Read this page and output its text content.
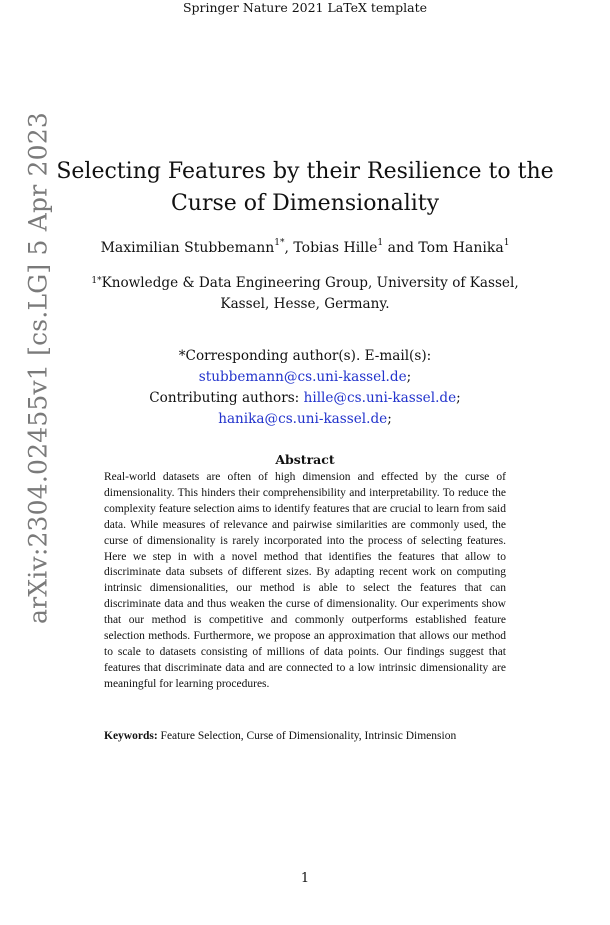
Springer Nature 2021 LaTeX template
arXiv:2304.02455v1 [cs.LG] 5 Apr 2023 Selecting Features by their Resilience to the
Curse of Dimensionality
Maximilian Stubbemann$^{1*}$, Tobias Hille$^1$ and Tom Hanika$^1$
$^{1*}$Knowledge & Data Engineering Group, University of Kassel,
Kassel, Hesse, Germany.
*Corresponding author(s). E-mail(s):
stubbemann@cs.uni-kassel.de;
Contributing authors: hille@cs.uni-kassel.de;
hanika@cs.uni-kassel.de;
Abstract
Real-world datasets are often of high dimension and effected by the curse of dimensionality. This hinders their comprehensibility and interpretability. To reduce the complexity feature selection aims to identify features that are crucial to learn from said data. While measures of relevance and pairwise similarities are commonly used, the curse of dimensionality is rarely incorporated into the process of selecting features. Here we step in with a novel method that identifies the features that allow to discriminate data subsets of different sizes. By adapting recent work on computing intrinsic dimensionalities, our method is able to select the features that can discriminate data and thus weaken the curse of dimensionality. Our experiments show that our method is competitive and commonly outperforms established feature selection methods. Furthermore, we propose an approximation that allows our method to scale to datasets consisting of millions of data points. Our findings suggest that features that discriminate data and are connected to a low intrinsic dimensionality are meaningful for learning procedures.
Keywords: Feature Selection, Curse of Dimensionality, Intrinsic Dimension
1
